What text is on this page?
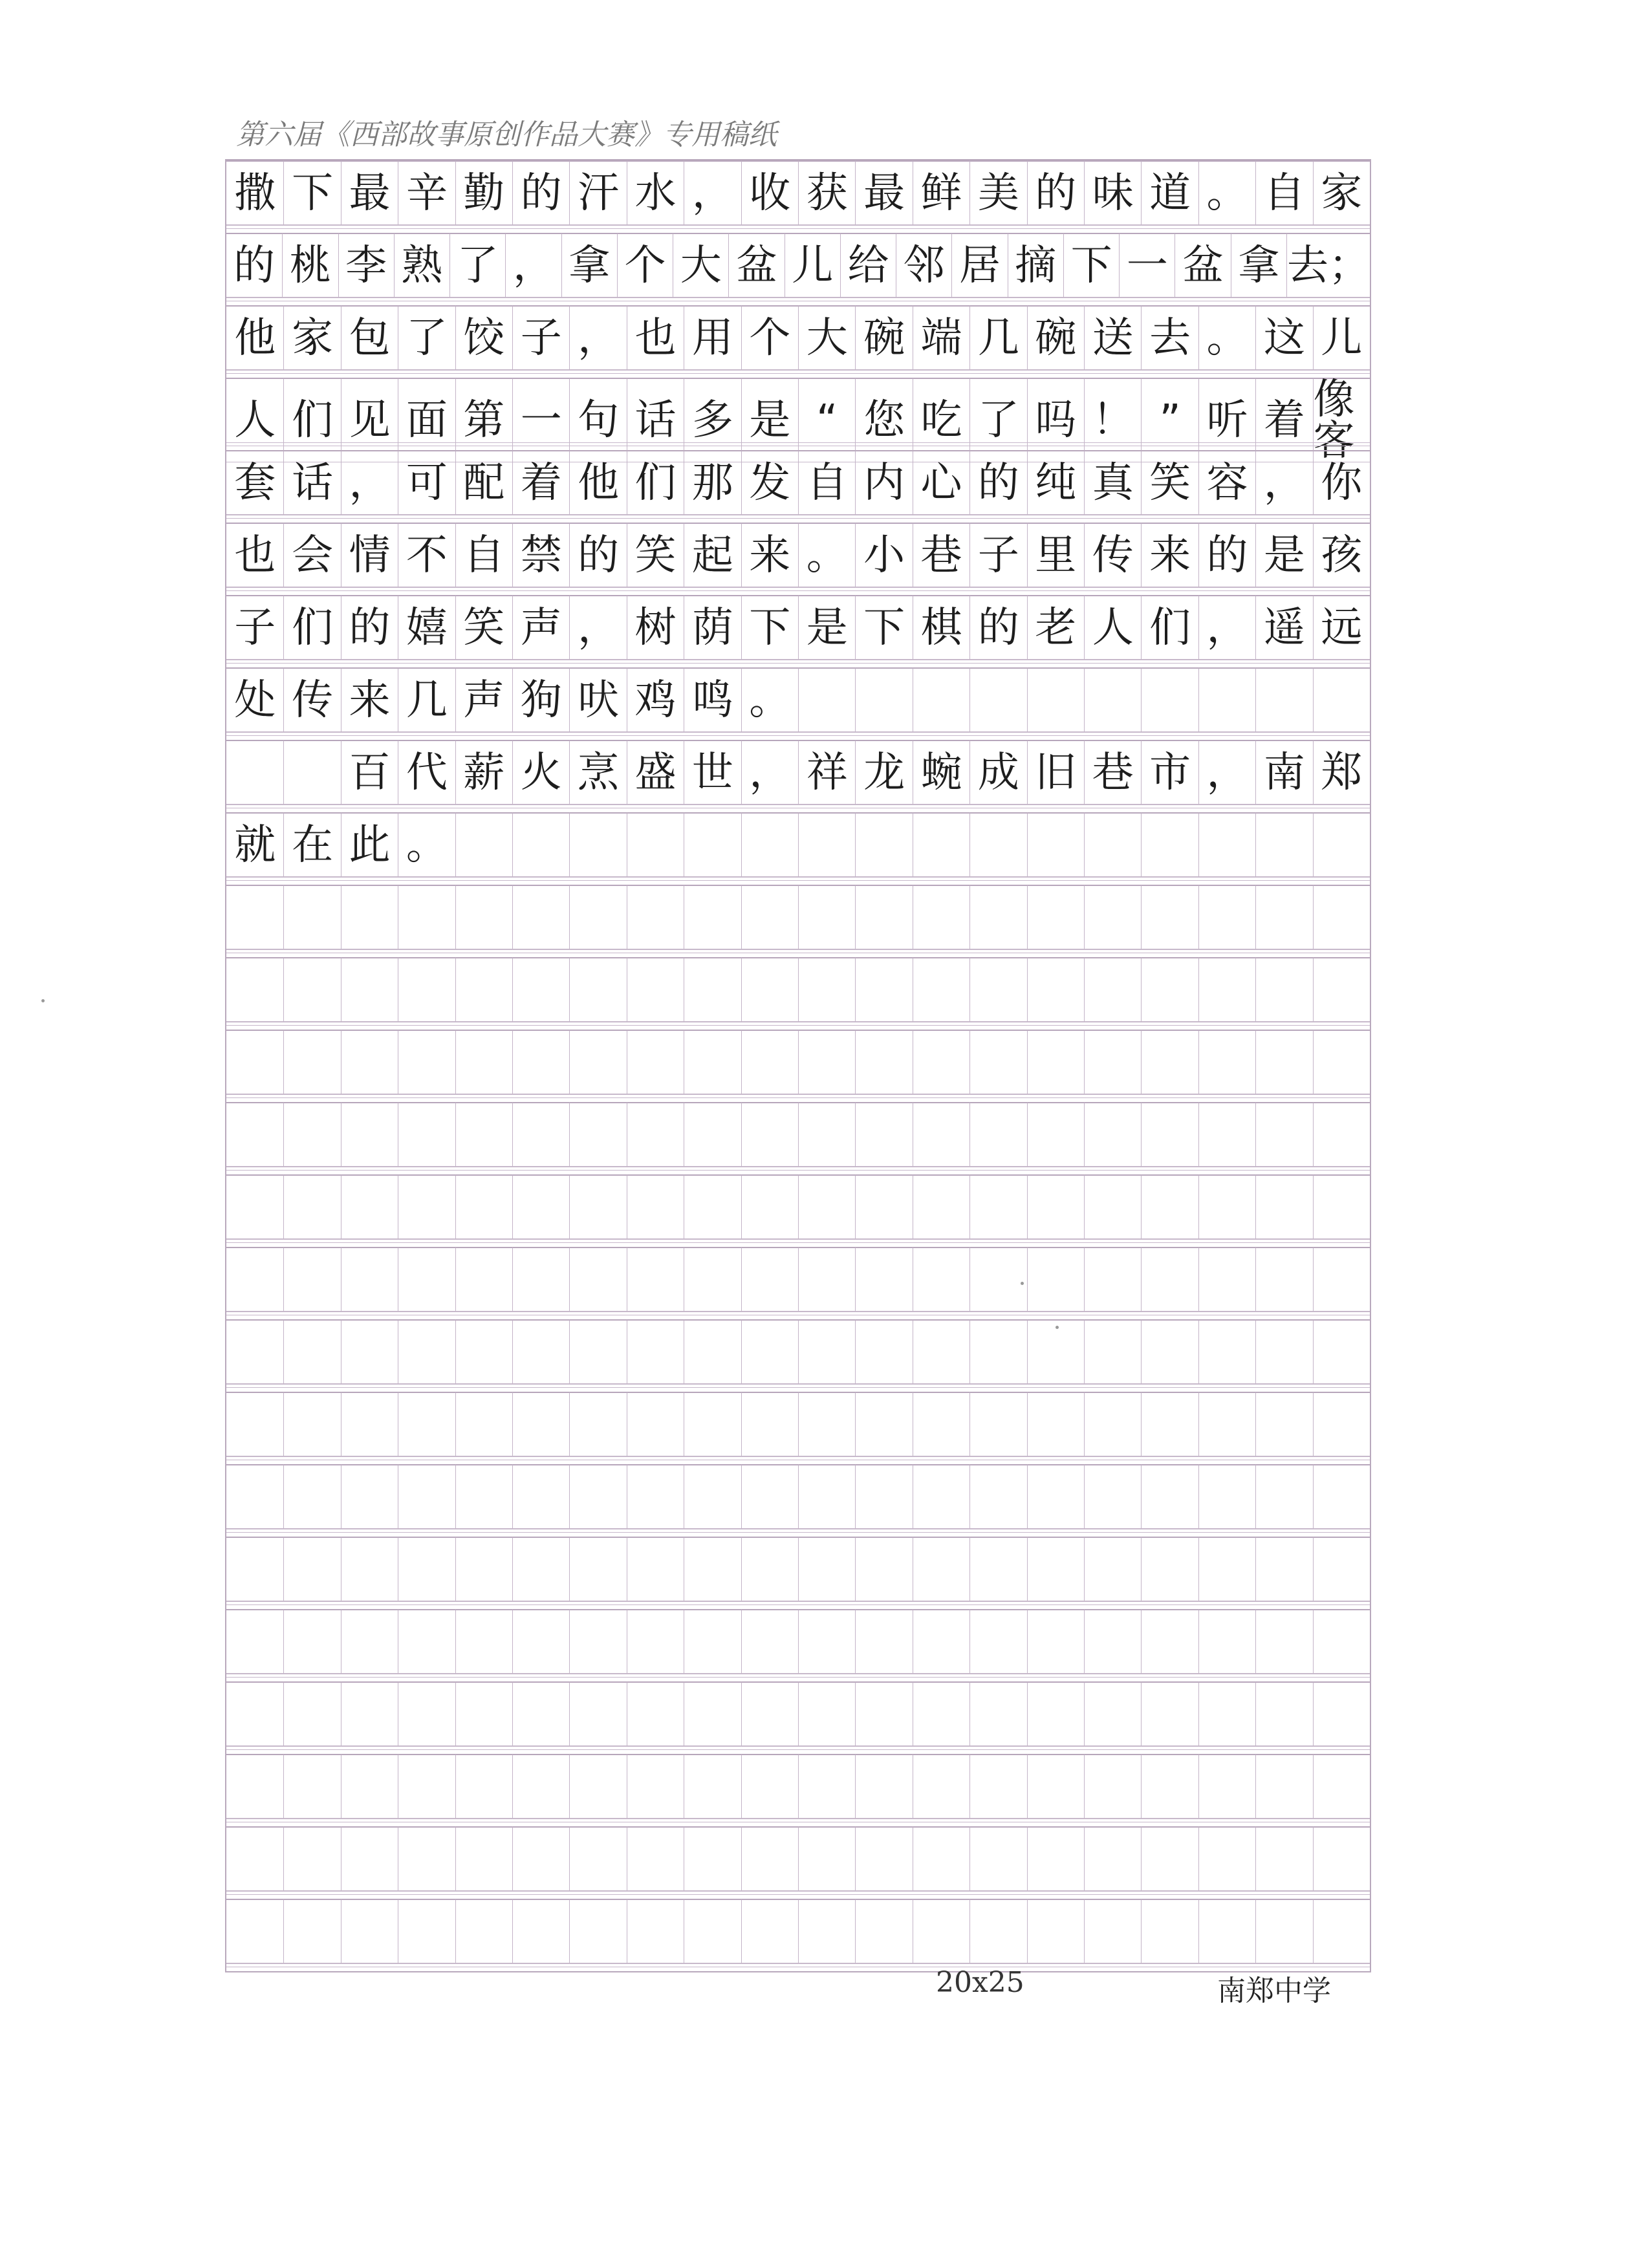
第六届《西部故事原创作品大赛》专用稿纸
撒 下 最 辛 勤 的 汗 水 ， 收 获 最 鲜 美 的 味 道 。 自 家
的 桃 李 熟 了 ， 拿 个 大 盆 儿 给 邻 居 摘 下 一 盆 拿 去；
他 家 包 了 饺 子 ， 也 用 个 大 碗 端 几 碗 送 去 。 这 儿
人 们 见 面 第 一 句 话 多 是 “ 您 吃 了 吗 ！ ” 听 着 像客
套 话 ， 可 配 着 他 们 那 发 自 内 心 的 纯 真 笑 容 ， 你
也 会 情 不 自 禁 的 笑 起 来 。 小 巷 子 里 传 来 的 是 孩
子 们 的 嬉 笑 声 ， 树 荫 下 是 下 棋 的 老 人 们 ， 遥 远
处 传 来 几 声 狗 吠 鸡 鸣 。
百 代 薪 火 烹 盛 世 ， 祥 龙 蜿 成 旧 巷 市 ， 南 郑
就 在 此 。
20x25	南郑中学
